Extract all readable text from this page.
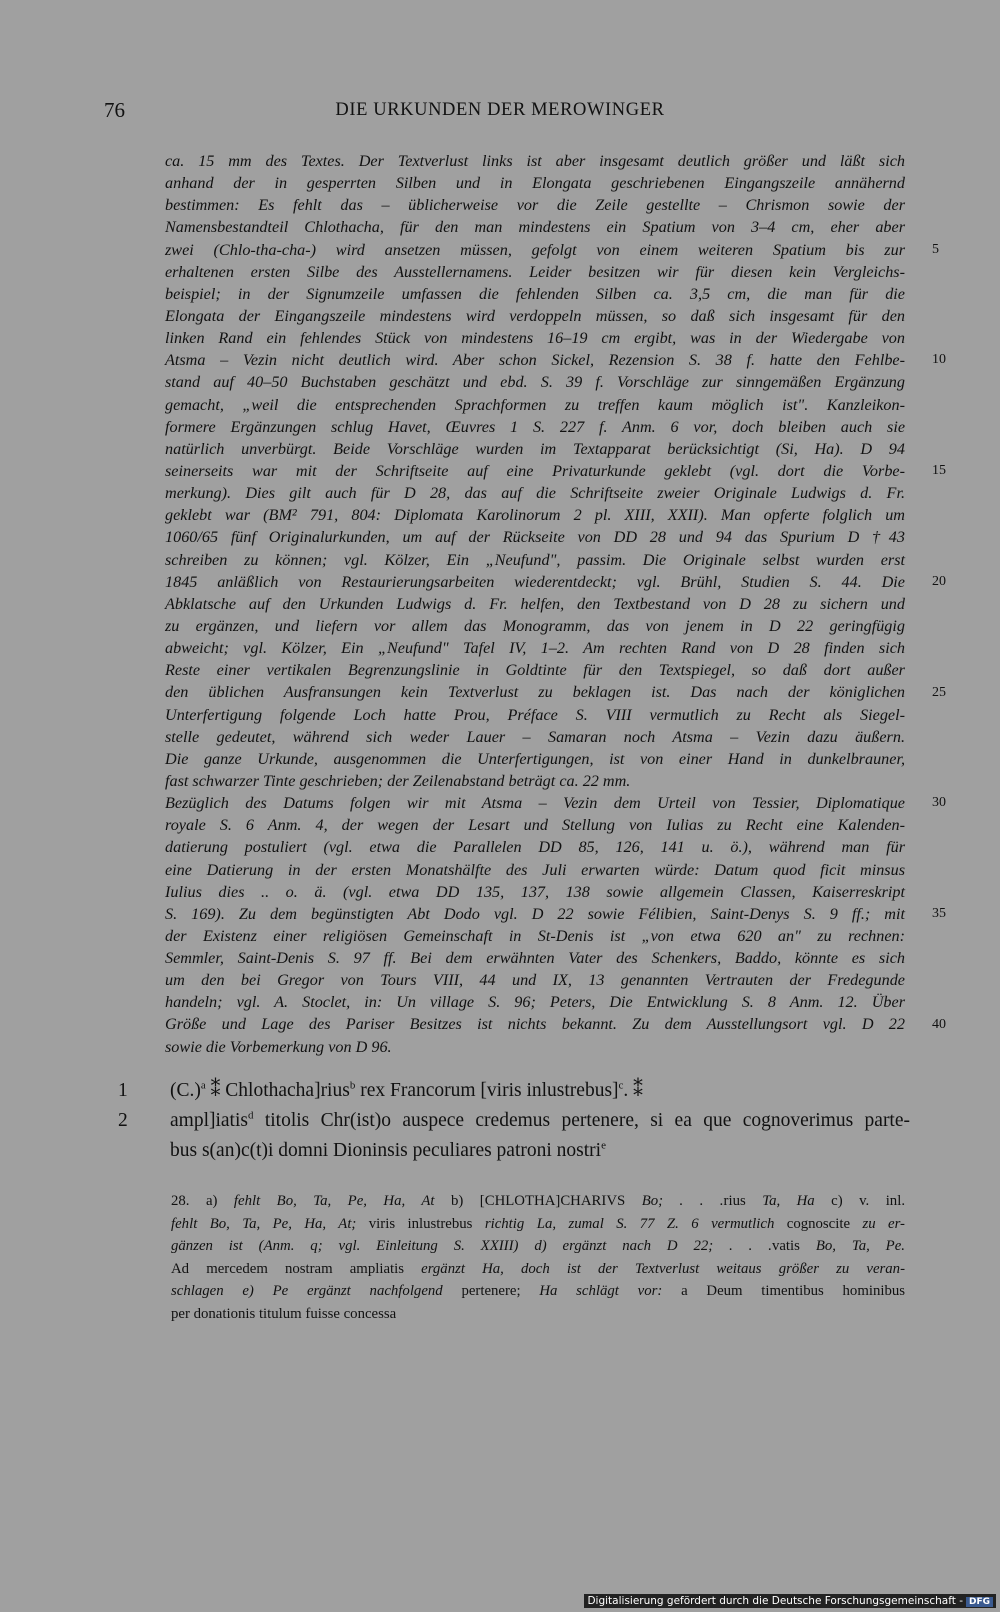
76	DIE URKUNDEN DER MEROWINGER
ca. 15 mm des Textes. Der Textverlust links ist aber insgesamt deutlich größer und läßt sich
anhand der in gesperrten Silben und in Elongata geschriebenen Eingangszeile annähernd
bestimmen: Es fehlt das – üblicherweise vor die Zeile gestellte – Chrismon sowie der
Namensbestandteil Chlothacha, für den man mindestens ein Spatium von 3–4 cm, eher aber
zwei (Chlo-tha-cha-) wird ansetzen müssen, gefolgt von einem weiteren Spatium bis zur
erhaltenen ersten Silbe des Ausstellernamens. Leider besitzen wir für diesen kein Vergleichs-
beispiel; in der Signumzeile umfassen die fehlenden Silben ca. 3,5 cm, die man für die
Elongata der Eingangszeile mindestens wird verdoppeln müssen, so daß sich insgesamt für den
linken Rand ein fehlendes Stück von mindestens 16–19 cm ergibt, was in der Wiedergabe von
Atsma – Vezin nicht deutlich wird. Aber schon Sickel, Rezension S. 38 f. hatte den Fehlbe-
stand auf 40–50 Buchstaben geschätzt und ebd. S. 39 f. Vorschläge zur sinngemäßen Ergänzung
gemacht, „weil die entsprechenden Sprachformen zu treffen kaum möglich ist". Kanzleikon-
formere Ergänzungen schlug Havet, Œuvres 1 S. 227 f. Anm. 6 vor, doch bleiben auch sie
natürlich unverbürgt. Beide Vorschläge wurden im Textapparat berücksichtigt (Si, Ha). D 94
seinerseits war mit der Schriftseite auf eine Privaturkunde geklebt (vgl. dort die Vorbe-
merkung). Dies gilt auch für D 28, das auf die Schriftseite zweier Originale Ludwigs d. Fr.
geklebt war (BM² 791, 804: Diplomata Karolinorum 2 pl. XIII, XXII). Man opferte folglich um
1060/65 fünf Originalurkunden, um auf der Rückseite von DD 28 und 94 das Spurium D †43
schreiben zu können; vgl. Kölzer, Ein „Neufund", passim. Die Originale selbst wurden erst
1845 anläßlich von Restaurierungsarbeiten wiederentdeckt; vgl. Brühl, Studien S. 44. Die
Abklatsche auf den Urkunden Ludwigs d. Fr. helfen, den Textbestand von D 28 zu sichern und
zu ergänzen, und liefern vor allem das Monogramm, das von jenem in D 22 geringfügig
abweicht; vgl. Kölzer, Ein „Neufund" Tafel IV, 1–2. Am rechten Rand von D 28 finden sich
Reste einer vertikalen Begrenzungslinie in Goldtinte für den Textspiegel, so daß dort außer
den üblichen Ausfransungen kein Textverlust zu beklagen ist. Das nach der königlichen
Unterfertigung folgende Loch hatte Prou, Préface S. VIII vermutlich zu Recht als Siegel-
stelle gedeutet, während sich weder Lauer – Samaran noch Atsma – Vezin dazu äußern.
Die ganze Urkunde, ausgenommen die Unterfertigungen, ist von einer Hand in dunkelbrauner,
fast schwarzer Tinte geschrieben; der Zeilenabstand beträgt ca. 22 mm.
Bezüglich des Datums folgen wir mit Atsma – Vezin dem Urteil von Tessier, Diplomatique
royale S. 6 Anm. 4, der wegen der Lesart und Stellung von Iulias zu Recht eine Kalenden-
datierung postuliert (vgl. etwa die Parallelen DD 85, 126, 141 u. ö.), während man für
eine Datierung in der ersten Monatshälfte des Juli erwarten würde: Datum quod ficit minsus
Iulius dies .. o. ä. (vgl. etwa DD 135, 137, 138 sowie allgemein Classen, Kaiserreskript
S. 169). Zu dem begünstigten Abt Dodo vgl. D 22 sowie Félibien, Saint-Denys S. 9 ff.; mit
der Existenz einer religiösen Gemeinschaft in St-Denis ist „von etwa 620 an" zu rechnen:
Semmler, Saint-Denis S. 97 ff. Bei dem erwähnten Vater des Schenkers, Baddo, könnte es sich
um den bei Gregor von Tours VIII, 44 und IX, 13 genannten Vertrauten der Fredegunde
handeln; vgl. A. Stoclet, in: Un village S. 96; Peters, Die Entwicklung S. 8 Anm. 12. Über
Größe und Lage des Pariser Besitzes ist nichts bekannt. Zu dem Ausstellungsort vgl. D 22
sowie die Vorbemerkung von D 96.
5
10
15
20
25
30
35
40
1	$(C.)^a$ ⁑ Chlothacha]rius$^b$ rex Francorum [viris inlustrebus]$^c$. ⁑
2	ampl]iatis$^d$ titolis Chr(ist)o auspece credemus pertenere, si ea que cognoverimus parte-
bus s(an)c(t)i domni Dioninsis peculiares patroni nostri$^e$
28. a) fehlt Bo, Ta, Pe, Ha, At b) [CHLOTHA]CHARIVS Bo; . . .rius Ta, Ha c) v. inl.
fehlt Bo, Ta, Pe, Ha, At; viris inlustrebus richtig La, zumal S. 77 Z. 6 vermutlich cognoscite zu er-
gänzen ist (Anm. q; vgl. Einleitung S. XXIII) d) ergänzt nach D 22; . . .vatis Bo, Ta, Pe.
Ad mercedem nostram ampliatis ergänzt Ha, doch ist der Textverlust weitaus größer zu veran-
schlagen e) Pe ergänzt nachfolgend pertenere; Ha schlägt vor: a Deum timentibus hominibus
per donationis titulum fuisse concessa
Digitalisierung gefördert durch die Deutsche Forschungsgemeinschaft - DFG
